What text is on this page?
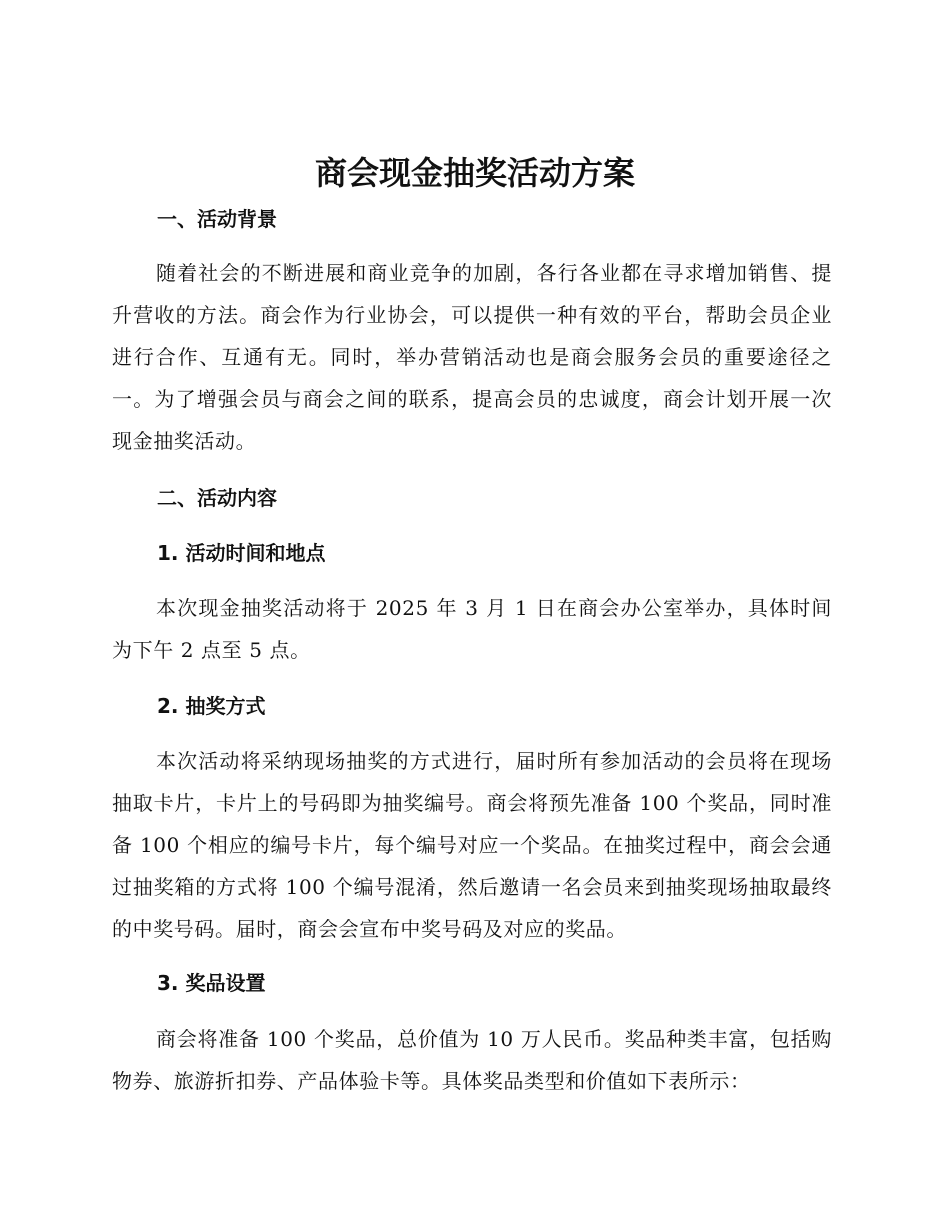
商会现金抽奖活动方案
一、活动背景

随着社会的不断进展和商业竞争的加剧，各行各业都在寻求增加销售、提升营收的方法。商会作为行业协会，可以提供一种有效的平台，帮助会员企业进行合作、互通有无。同时，举办营销活动也是商会服务会员的重要途径之一。为了增强会员与商会之间的联系，提高会员的忠诚度，商会计划开展一次现金抽奖活动。

二、活动内容
1. 活动时间和地点

本次现金抽奖活动将于 2025 年 3 月 1 日在商会办公室举办，具体时间为下午 2 点至 5 点。

2. 抽奖方式

本次活动将采纳现场抽奖的方式进行，届时所有参加活动的会员将在现场抽取卡片，卡片上的号码即为抽奖编号。商会将预先准备 100 个奖品，同时准备 100 个相应的编号卡片，每个编号对应一个奖品。在抽奖过程中，商会会通过抽奖箱的方式将 100 个编号混淆，然后邀请一名会员来到抽奖现场抽取最终的中奖号码。届时，商会会宣布中奖号码及对应的奖品。

3. 奖品设置

商会将准备 100 个奖品，总价值为 10 万人民币。奖品种类丰富，包括购物券、旅游折扣券、产品体验卡等。具体奖品类型和价值如下表所示：
